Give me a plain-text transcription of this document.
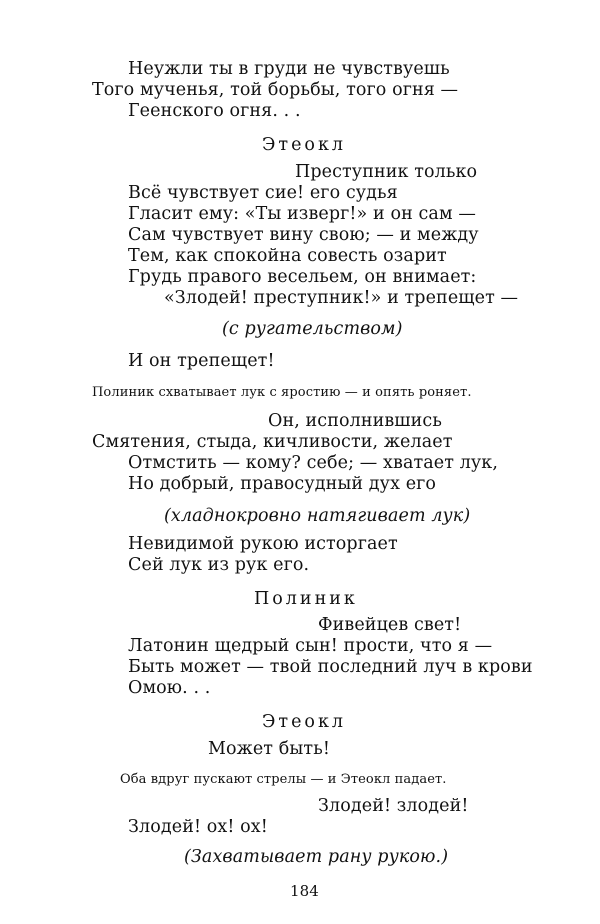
Неужли ты в груди не чувствуешь

Того мученья, той борьбы, того огня —

Геенского огня. . .

Этеокл

Преступник только

Всё чувствует сие! его судья

Гласит ему: «Ты изверг!» и он сам —

Сам чувствует вину свою; — и между

Тем, как спокойна совесть озарит

Грудь правого весельем, он внимает:

«Злодей! преступник!» и трепещет —

(с ругательством)

И он трепещет!

Полиник схватывает лук с яростию — и опять роняет.

Он, исполнившись

Смятения, стыда, кичливости, желает

Отмстить — кому? себе; — хватает лук,

Но добрый, правосудный дух его

(хладнокровно натягивает лук)

Невидимой рукою исторгает

Сей лук из рук его.

Полиник

Фивейцев свет!

Латонин щедрый сын! прости, что я —

Быть может — твой последний луч в крови

Омою. . .

Этеокл

Может быть!

Оба вдруг пускают стрелы — и Этеокл падает.

Злодей! злодей!

Злодей! ох! ох!

(Захватывает рану рукою.)

184
